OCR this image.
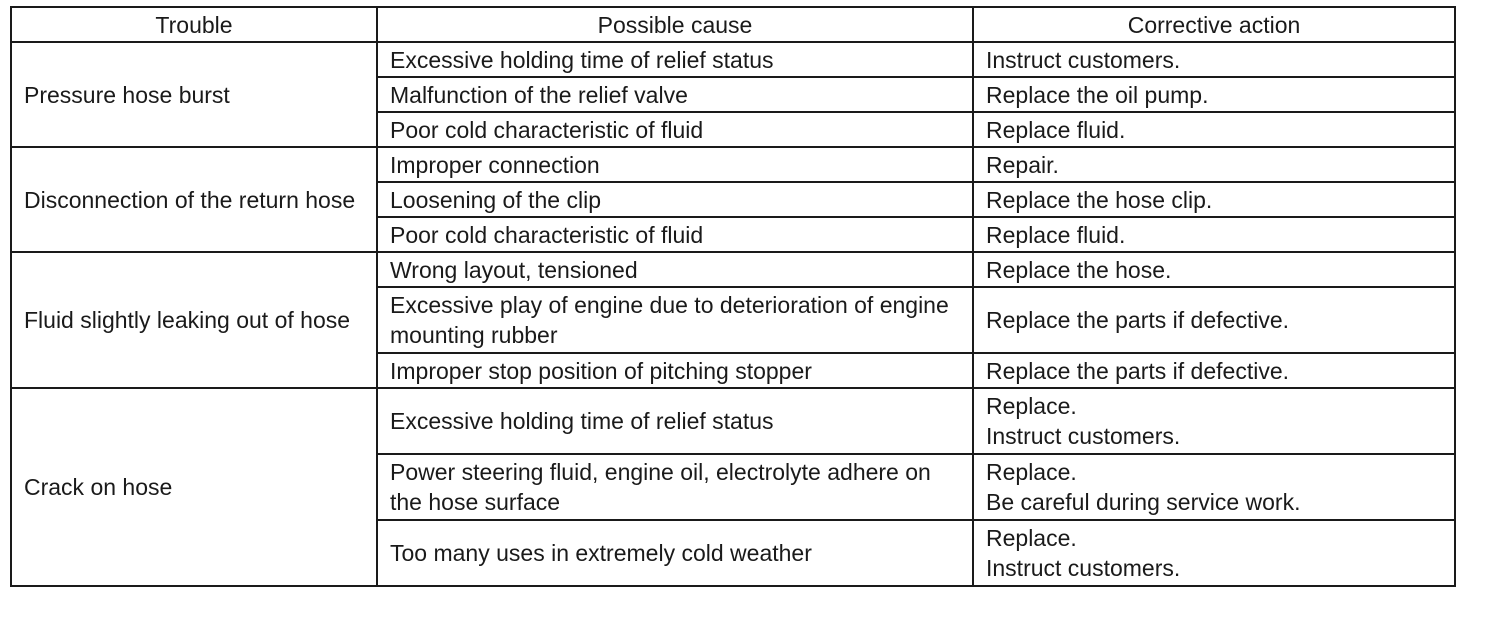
Trouble	Possible cause	Corrective action
Pressure hose burst	Excessive holding time of relief status	Instruct customers.

	Malfunction of the relief valve	Replace the oil pump.

	Poor cold characteristic of fluid	Replace fluid.

Disconnection of the return hose	Improper connection	Repair.

	Loosening of the clip	Replace the hose clip.

	Poor cold characteristic of fluid	Replace fluid.

Fluid slightly leaking out of hose	Wrong layout, tensioned	Replace the hose.

	Excessive play of engine due to deterioration of engine mounting rubber	Replace the parts if defective.

	Improper stop position of pitching stopper	Replace the parts if defective.

Crack on hose	Excessive holding time of relief status	Replace.
Instruct customers.

	Power steering fluid, engine oil, electrolyte adhere on the hose surface	Replace.
Be careful during service work.

	Too many uses in extremely cold weather	Replace.
Instruct customers.
